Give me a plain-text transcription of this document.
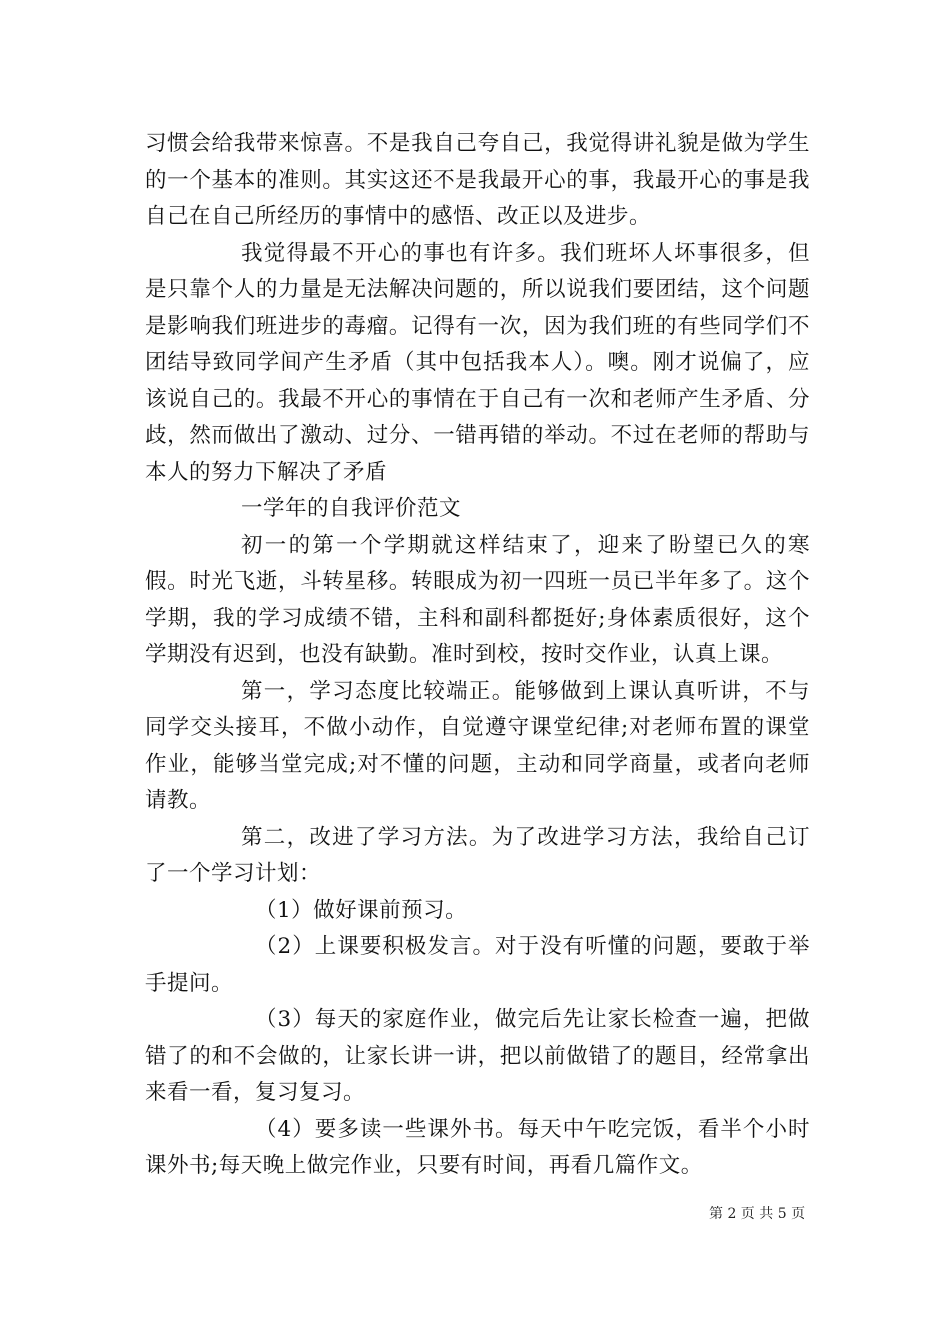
习惯会给我带来惊喜。不是我自己夸自己，我觉得讲礼貌是做为学生的一个基本的准则。其实这还不是我最开心的事，我最开心的事是我自己在自己所经历的事情中的感悟、改正以及进步。

我觉得最不开心的事也有许多。我们班坏人坏事很多，但是只靠个人的力量是无法解决问题的，所以说我们要团结，这个问题是影响我们班进步的毒瘤。记得有一次，因为我们班的有些同学们不团结导致同学间产生矛盾（其中包括我本人）。噢。刚才说偏了，应该说自己的。我最不开心的事情在于自己有一次和老师产生矛盾、分歧，然而做出了激动、过分、一错再错的举动。不过在老师的帮助与本人的努力下解决了矛盾

一学年的自我评价范文

初一的第一个学期就这样结束了，迎来了盼望已久的寒假。时光飞逝，斗转星移。转眼成为初一四班一员已半年多了。这个学期，我的学习成绩不错，主科和副科都挺好;身体素质很好，这个学期没有迟到，也没有缺勤。准时到校，按时交作业，认真上课。

第一，学习态度比较端正。能够做到上课认真听讲，不与同学交头接耳，不做小动作，自觉遵守课堂纪律;对老师布置的课堂作业，能够当堂完成;对不懂的问题，主动和同学商量，或者向老师请教。

第二，改进了学习方法。为了改进学习方法，我给自己订了一个学习计划：

（1）做好课前预习。

（2）上课要积极发言。对于没有听懂的问题，要敢于举手提问。

（3）每天的家庭作业，做完后先让家长检查一遍，把做错了的和不会做的，让家长讲一讲，把以前做错了的题目，经常拿出来看一看，复习复习。

（4）要多读一些课外书。每天中午吃完饭，看半个小时课外书;每天晚上做完作业，只要有时间，再看几篇作文。

第 2 页 共 5 页
